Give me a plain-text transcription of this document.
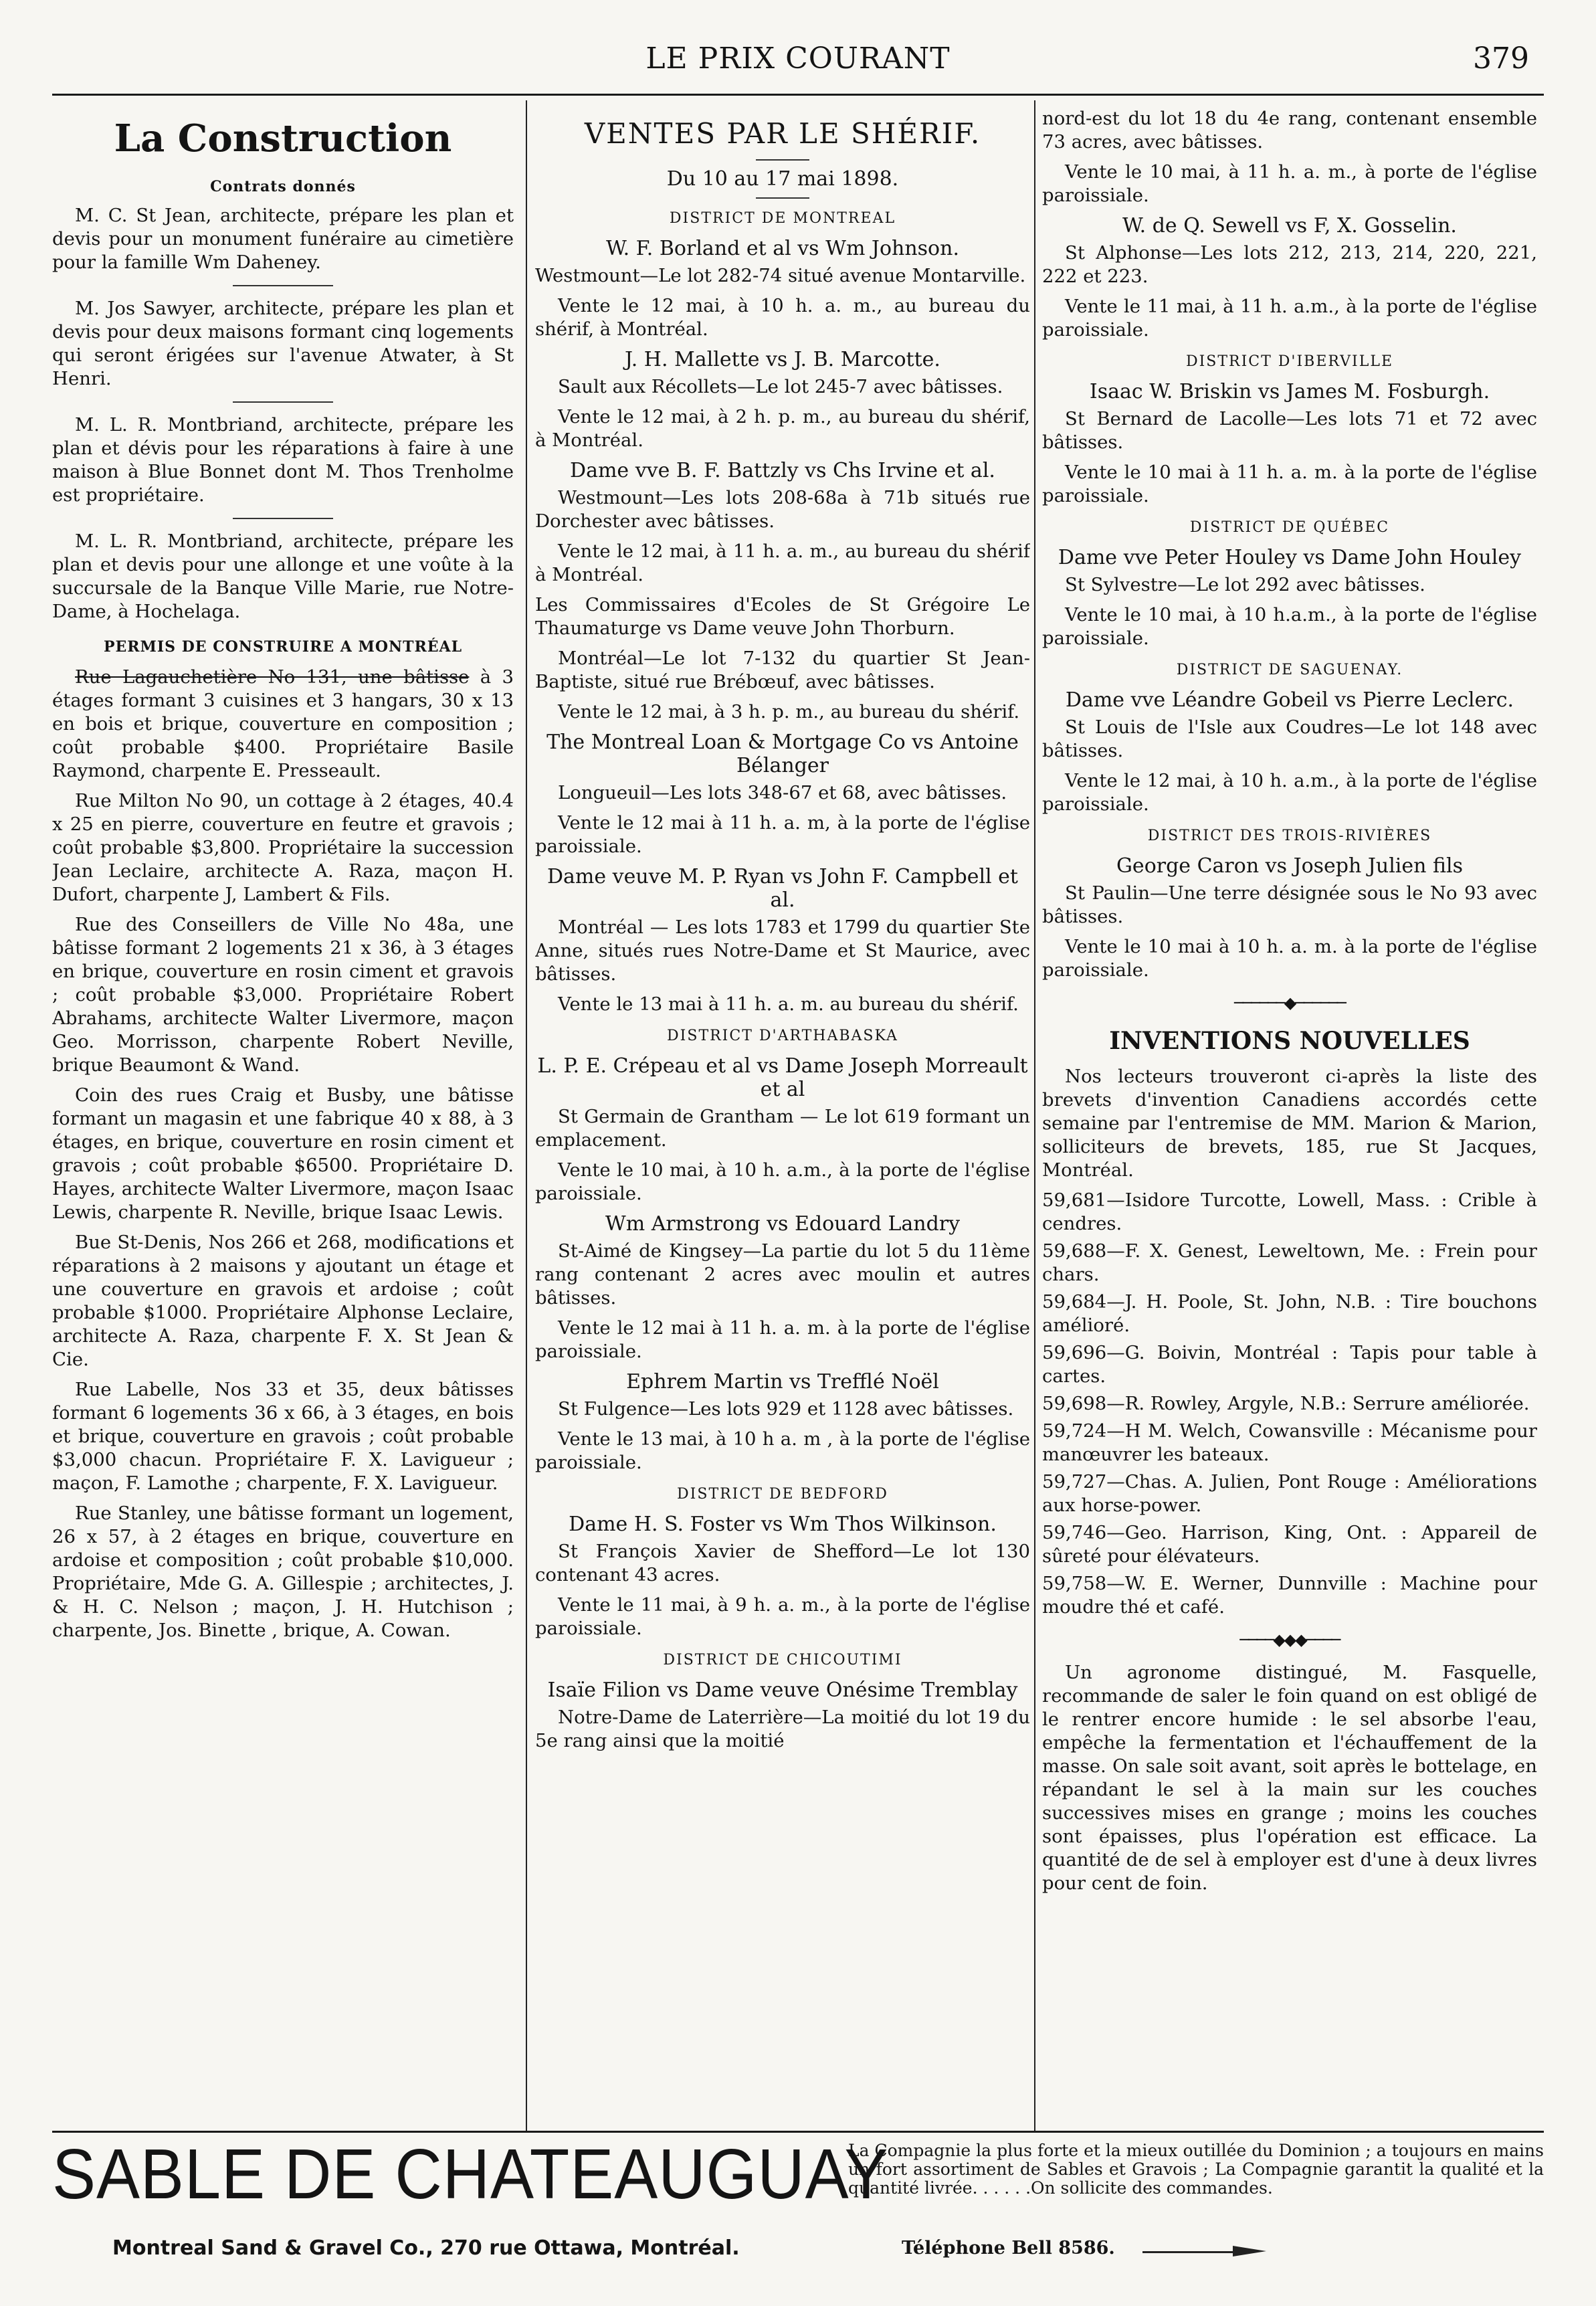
LE PRIX COURANT	379
La Construction
Contrats donnés

M. C. St Jean, architecte, prépare les plan et devis pour un monument funéraire au cimetière pour la famille Wm Daheney.

M. Jos Sawyer, architecte, prépare les plan et devis pour deux maisons formant cinq logements qui seront érigées sur l'avenue Atwater, à St Henri.

M. L. R. Montbriand, architecte, prépare les plan et dévis pour les réparations à faire à une maison à Blue Bonnet dont M. Thos Trenholme est propriétaire.

M. L. R. Montbriand, architecte, prépare les plan et devis pour une allonge et une voûte à la succursale de la Banque Ville Marie, rue Notre-Dame, à Hochelaga.

PERMIS DE CONSTRUIRE A MONTRÉAL

Rue Lagauchetière No 131, une bâtisse à 3 étages formant 3 cuisines et 3 hangars, 30 x 13 en bois et brique, couverture en composition ; coût probable $400. Propriétaire Basile Raymond, charpente E. Presseault.

Rue Milton No 90, un cottage à 2 étages, 40.4 x 25 en pierre, couverture en feutre et gravois ; coût probable $3,800. Propriétaire la succession Jean Leclaire, architecte A. Raza, maçon H. Dufort, charpente J, Lambert & Fils.

Rue des Conseillers de Ville No 48a, une bâtisse formant 2 logements 21 x 36, à 3 étages en brique, couverture en rosin ciment et gravois ; coût probable $3,000. Propriétaire Robert Abrahams, architecte Walter Livermore, maçon Geo. Morrisson, charpente Robert Neville, brique Beaumont & Wand.

Coin des rues Craig et Busby, une bâtisse formant un magasin et une fabrique 40 x 88, à 3 étages, en brique, couverture en rosin ciment et gravois ; coût probable $6500. Propriétaire D. Hayes, architecte Walter Livermore, maçon Isaac Lewis, charpente R. Neville, brique Isaac Lewis.

Bue St-Denis, Nos 266 et 268, modifications et réparations à 2 maisons y ajoutant un étage et une couverture en gravois et ardoise ; coût probable $1000. Propriétaire Alphonse Leclaire, architecte A. Raza, charpente F. X. St Jean & Cie.

Rue Labelle, Nos 33 et 35, deux bâtisses formant 6 logements 36 x 66, à 3 étages, en bois et brique, couverture en gravois ; coût probable $3,000 chacun. Propriétaire F. X. Lavigueur ; maçon, F. Lamothe ; charpente, F. X. Lavigueur.

Rue Stanley, une bâtisse formant un logement, 26 x 57, à 2 étages en brique, couverture en ardoise et composition ; coût probable $10,000. Propriétaire, Mde G. A. Gillespie ; architectes, J. & H. C. Nelson ; maçon, J. H. Hutchison ; charpente, Jos. Binette , brique, A. Cowan.

VENTES PAR LE SHÉRIF.
Du 10 au 17 mai 1898.
DISTRICT DE MONTREAL
W. F. Borland et al vs Wm Johnson.

Westmount—Le lot 282-74 situé avenue Montarville.

Vente le 12 mai, à 10 h. a. m., au bureau du shérif, à Montréal.

J. H. Mallette vs J. B. Marcotte.

Sault aux Récollets—Le lot 245-7 avec bâtisses.

Vente le 12 mai, à 2 h. p. m., au bureau du shérif, à Montréal.

Dame vve B. F. Battzly vs Chs Irvine et al.

Westmount—Les lots 208-68a à 71b situés rue Dorchester avec bâtisses.

Vente le 12 mai, à 11 h. a. m., au bureau du shérif à Montréal.

Les Commissaires d'Ecoles de St Grégoire Le Thaumaturge vs Dame veuve John Thorburn.

Montréal—Le lot 7-132 du quartier St Jean-Baptiste, situé rue Brébœuf, avec bâtisses.

Vente le 12 mai, à 3 h. p. m., au bureau du shérif.

The Montreal Loan & Mortgage Co vs Antoine Bélanger

Longueuil—Les lots 348-67 et 68, avec bâtisses.

Vente le 12 mai à 11 h. a. m, à la porte de l'église paroissiale.

Dame veuve M. P. Ryan vs John F. Campbell et al.

Montréal — Les lots 1783 et 1799 du quartier Ste Anne, situés rues Notre-Dame et St Maurice, avec bâtisses.

Vente le 13 mai à 11 h. a. m. au bureau du shérif.

DISTRICT D'ARTHABASKA
L. P. E. Crépeau et al vs Dame Joseph Morreault et al

St Germain de Grantham — Le lot 619 formant un emplacement.

Vente le 10 mai, à 10 h. a.m., à la porte de l'église paroissiale.

Wm Armstrong vs Edouard Landry

St-Aimé de Kingsey—La partie du lot 5 du 11ème rang contenant 2 acres avec moulin et autres bâtisses.

Vente le 12 mai à 11 h. a. m. à la porte de l'église paroissiale.

Ephrem Martin vs Trefflé Noël

St Fulgence—Les lots 929 et 1128 avec bâtisses.

Vente le 13 mai, à 10 h a. m , à la porte de l'église paroissiale.

DISTRICT DE BEDFORD
Dame H. S. Foster vs Wm Thos Wilkinson.

St François Xavier de Shefford—Le lot 130 contenant 43 acres.

Vente le 11 mai, à 9 h. a. m., à la porte de l'église paroissiale.

DISTRICT DE CHICOUTIMI
Isaïe Filion vs Dame veuve Onésime Tremblay

Notre-Dame de Laterrière—La moitié du lot 19 du 5e rang ainsi que la moitié

nord-est du lot 18 du 4e rang, contenant ensemble 73 acres, avec bâtisses.

Vente le 10 mai, à 11 h. a. m., à porte de l'église paroissiale.

W. de Q. Sewell vs F, X. Gosselin.

St Alphonse—Les lots 212, 213, 214, 220, 221, 222 et 223.

Vente le 11 mai, à 11 h. a.m., à la porte de l'église paroissiale.

DISTRICT D'IBERVILLE
Isaac W. Briskin vs James M. Fosburgh.

St Bernard de Lacolle—Les lots 71 et 72 avec bâtisses.

Vente le 10 mai à 11 h. a. m. à la porte de l'église paroissiale.

DISTRICT DE QUÉBEC
Dame vve Peter Houley vs Dame John Houley

St Sylvestre—Le lot 292 avec bâtisses.

Vente le 10 mai, à 10 h.a.m., à la porte de l'église paroissiale.

DISTRICT DE SAGUENAY.
Dame vve Léandre Gobeil vs Pierre Leclerc.

St Louis de l'Isle aux Coudres—Le lot 148 avec bâtisses.

Vente le 12 mai, à 10 h. a.m., à la porte de l'église paroissiale.

DISTRICT DES TROIS-RIVIÈRES
George Caron vs Joseph Julien fils

St Paulin—Une terre désignée sous le No 93 avec bâtisses.

Vente le 10 mai à 10 h. a. m. à la porte de l'église paroissiale.

──────◆──────
INVENTIONS NOUVELLES

Nos lecteurs trouveront ci-après la liste des brevets d'invention Canadiens accordés cette semaine par l'entremise de MM. Marion & Marion, solliciteurs de brevets, 185, rue St Jacques, Montréal.

59,681—Isidore Turcotte, Lowell, Mass. : Crible à cendres.

59,688—F. X. Genest, Leweltown, Me. : Frein pour chars.

59,684—J. H. Poole, St. John, N.B. : Tire bouchons amélioré.

59,696—G. Boivin, Montréal : Tapis pour table à cartes.

59,698—R. Rowley, Argyle, N.B.: Serrure améliorée.

59,724—H M. Welch, Cowansville : Mécanisme pour manœuvrer les bateaux.

59,727—Chas. A. Julien, Pont Rouge : Améliorations aux horse-power.

59,746—Geo. Harrison, King, Ont. : Appareil de sûreté pour élévateurs.

59,758—W. E. Werner, Dunnville : Machine pour moudre thé et café.

────◆◆◆────

Un agronome distingué, M. Fasquelle, recommande de saler le foin quand on est obligé de le rentrer encore humide : le sel absorbe l'eau, empêche la fermentation et l'échauffement de la masse. On sale soit avant, soit après le bottelage, en répandant le sel à la main sur les couches successives mises en grange ; moins les couches sont épaisses, plus l'opération est efficace. La quantité de de sel à employer est d'une à deux livres pour cent de foin.

SABLE DE CHATEAUGUAY
La Compagnie la plus forte et la mieux outillée du Dominion ; a toujours en mains un fort assortiment de Sables et Gravois ; La Compagnie garantit la qualité et la quantité livrée. . . . . .On sollicite des commandes.
Montreal Sand & Gravel Co., 270 rue Ottawa, Montréal.	Téléphone Bell 8586.
